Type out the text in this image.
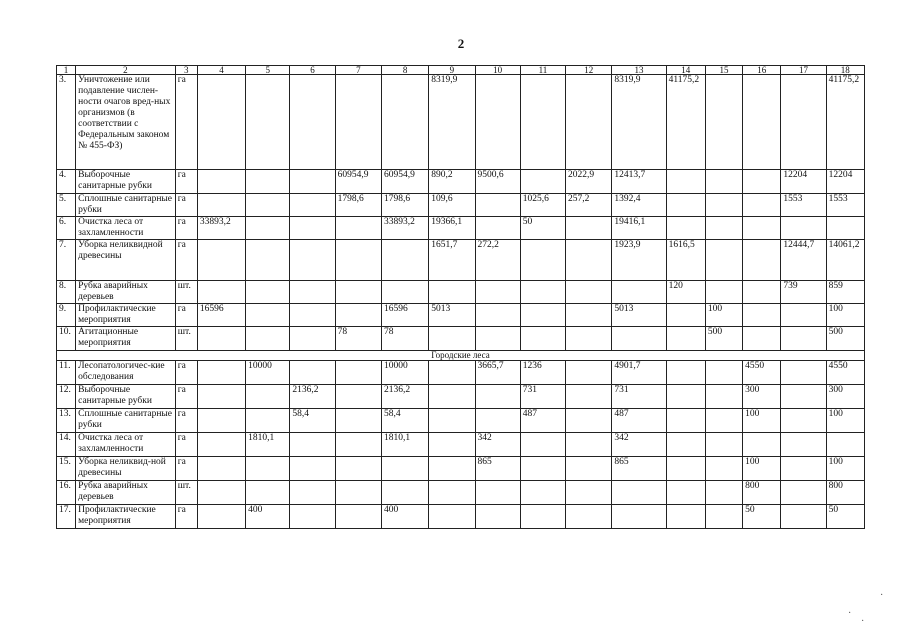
2
1	2	3	4	5	6	7	8	9	10	11	12	13	14	15	16	17	18
3.	Уничтожение или подавление числен-ности очагов вред-ных организмов (в соответствии с Федеральным законом № 455-ФЗ)	га						8319,9				8319,9	41175,2				41175,2
4.	Выборочные санитарные рубки	га				60954,9	60954,9	890,2	9500,6		2022,9	12413,7				12204	12204
5.	Сплошные санитарные рубки	га				1798,6	1798,6	109,6		1025,6	257,2	1392,4				1553	1553
6.	Очистка леса от захламленности	га	33893,2				33893,2	19366,1		50		19416,1					
7.	Уборка неликвидной древесины	га						1651,7	272,2			1923,9	1616,5			12444,7	14061,2
8.	Рубка аварийных деревьев	шт.											120			739	859
9.	Профилактические мероприятия	га	16596				16596	5013				5013		100			100
10.	Агитационные мероприятия	шт.				78	78							500			500
Городские леса																	
11.	Лесопатологичес-кие обследования	га		10000			10000		3665,7	1236		4901,7			4550		4550
12.	Выборочные санитарные рубки	га			2136,2		2136,2			731		731			300		300
13.	Сплошные санитарные рубки	га			58,4		58,4			487		487			100		100
14.	Очистка леса от захламленности	га		1810,1			1810,1		342			342					
15.	Уборка неликвид-ной древесины	га							865			865			100		100
16.	Рубка аварийных деревьев	шт.													800		800
17.	Профилактические мероприятия	га		400			400								50		50
·
·
·
